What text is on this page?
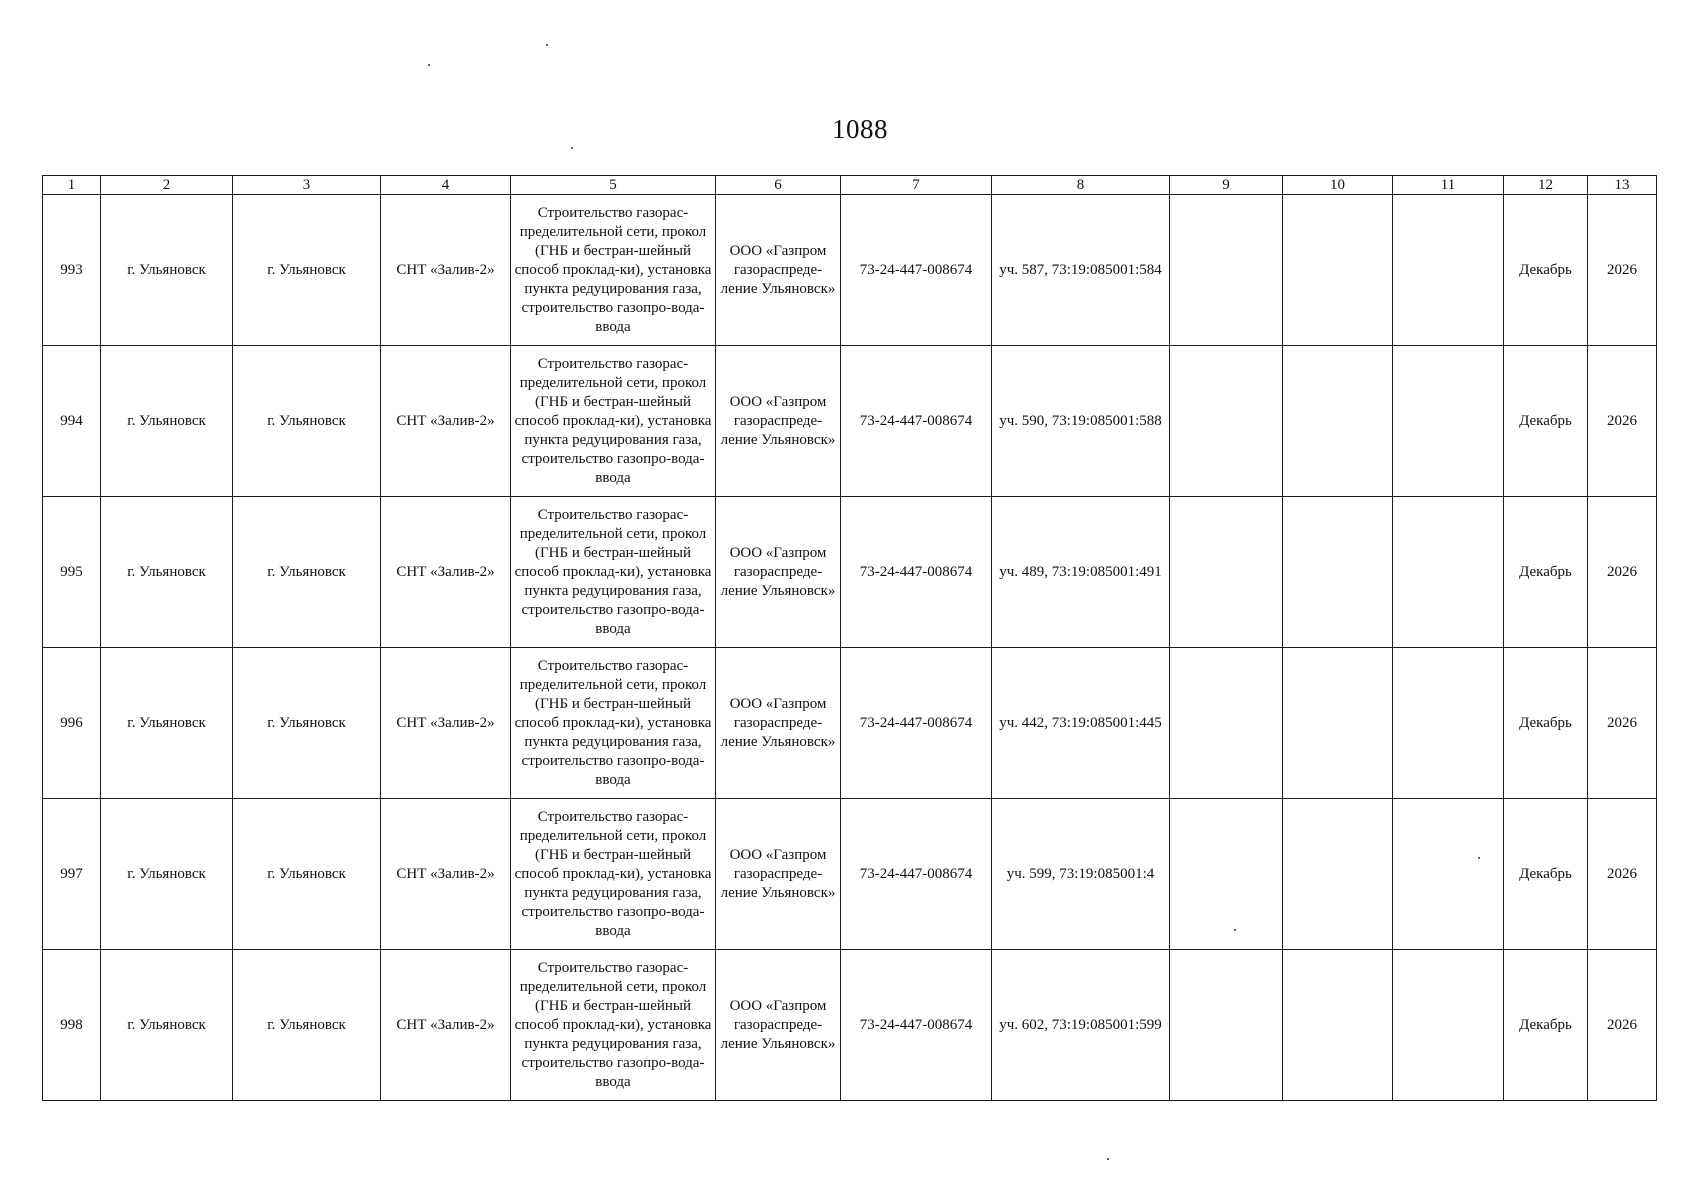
1088
1	2	3	4	5	6	7	8	9	10	11	12	13
993	г. Ульяновск	г. Ульяновск	СНТ «Залив-2»	Строительство газорас-пределительной сети, прокол (ГНБ и бестран-шейный способ проклад-ки), установка пункта редуцирования газа, строительство газопро-вода-ввода	ООО «Газпром газораспреде-ление Ульяновск»	73-24-447-008674	уч. 587, 73:19:085001:584				Декабрь	2026
994	г. Ульяновск	г. Ульяновск	СНТ «Залив-2»	Строительство газорас-пределительной сети, прокол (ГНБ и бестран-шейный способ проклад-ки), установка пункта редуцирования газа, строительство газопро-вода-ввода	ООО «Газпром газораспреде-ление Ульяновск»	73-24-447-008674	уч. 590, 73:19:085001:588				Декабрь	2026
995	г. Ульяновск	г. Ульяновск	СНТ «Залив-2»	Строительство газорас-пределительной сети, прокол (ГНБ и бестран-шейный способ проклад-ки), установка пункта редуцирования газа, строительство газопро-вода-ввода	ООО «Газпром газораспреде-ление Ульяновск»	73-24-447-008674	уч. 489, 73:19:085001:491				Декабрь	2026
996	г. Ульяновск	г. Ульяновск	СНТ «Залив-2»	Строительство газорас-пределительной сети, прокол (ГНБ и бестран-шейный способ проклад-ки), установка пункта редуцирования газа, строительство газопро-вода-ввода	ООО «Газпром газораспреде-ление Ульяновск»	73-24-447-008674	уч. 442, 73:19:085001:445				Декабрь	2026
997	г. Ульяновск	г. Ульяновск	СНТ «Залив-2»	Строительство газорас-пределительной сети, прокол (ГНБ и бестран-шейный способ проклад-ки), установка пункта редуцирования газа, строительство газопро-вода-ввода	ООО «Газпром газораспреде-ление Ульяновск»	73-24-447-008674	уч. 599, 73:19:085001:4				Декабрь	2026
998	г. Ульяновск	г. Ульяновск	СНТ «Залив-2»	Строительство газорас-пределительной сети, прокол (ГНБ и бестран-шейный способ проклад-ки), установка пункта редуцирования газа, строительство газопро-вода-ввода	ООО «Газпром газораспреде-ление Ульяновск»	73-24-447-008674	уч. 602, 73:19:085001:599				Декабрь	2026
